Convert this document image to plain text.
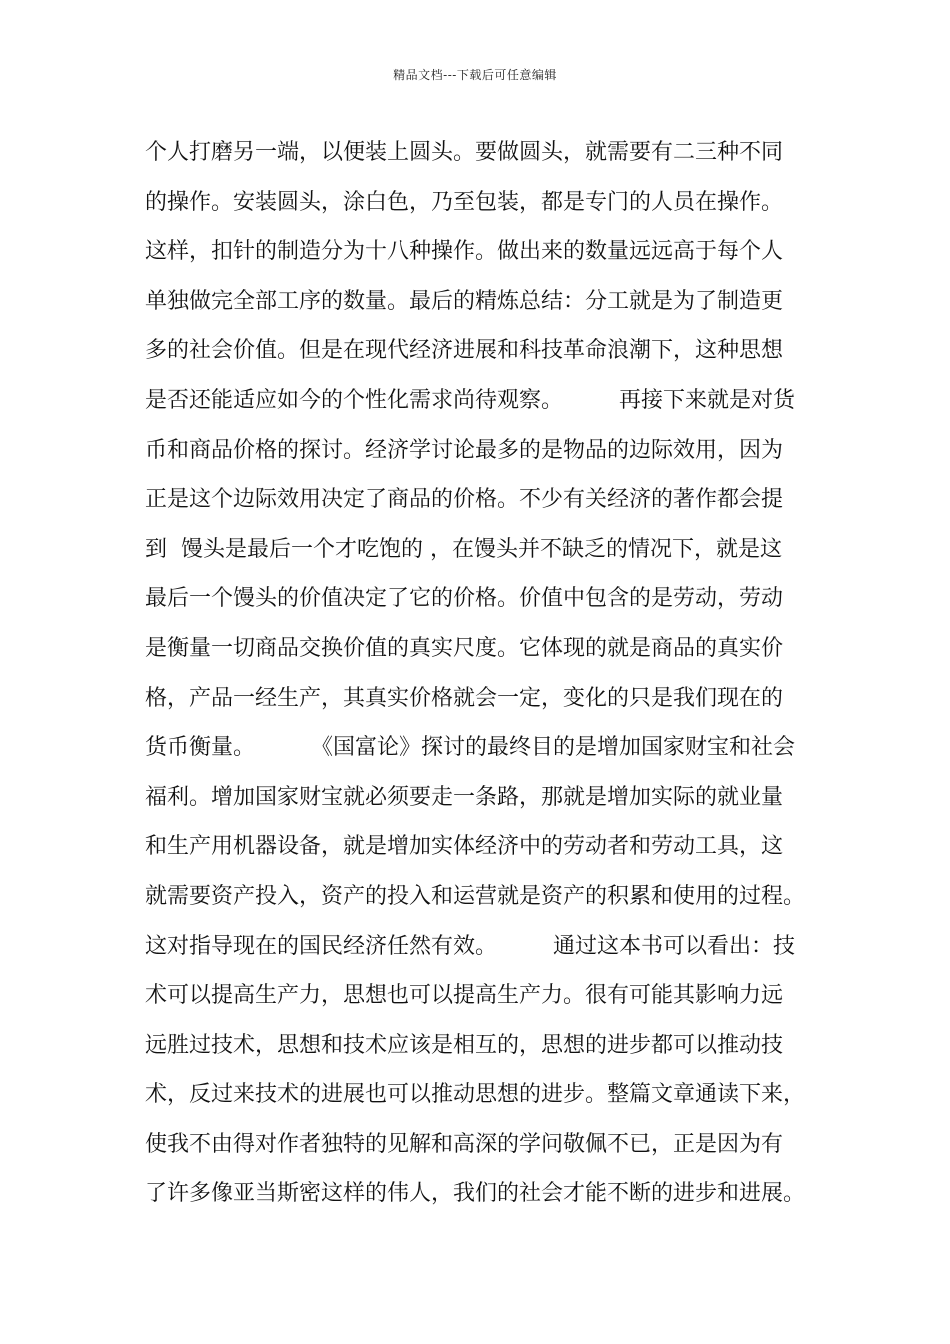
精品文档---下载后可任意编辑
个人打磨另一端，以便装上圆头。要做圆头，就需要有二三种不同
的操作。安装圆头，涂白色，乃至包装，都是专门的人员在操作。
这样，扣针的制造分为十八种操作。做出来的数量远远高于每个人
单独做完全部工序的数量。最后的精炼总结：分工就是为了制造更
多的社会价值。但是在现代经济进展和科技革命浪潮下，这种思想
是否还能适应如今的个性化需求尚待观察。        再接下来就是对货
币和商品价格的探讨。经济学讨论最多的是物品的边际效用，因为
正是这个边际效用决定了商品的价格。不少有关经济的著作都会提
到  馒头是最后一个才吃饱的 ，在馒头并不缺乏的情况下，就是这
最后一个馒头的价值决定了它的价格。价值中包含的是劳动，劳动
是衡量一切商品交换价值的真实尺度。它体现的就是商品的真实价
格，产品一经生产，其真实价格就会一定，变化的只是我们现在的
货币衡量。        《国富论》探讨的最终目的是增加国家财宝和社会
福利。增加国家财宝就必须要走一条路，那就是增加实际的就业量
和生产用机器设备，就是增加实体经济中的劳动者和劳动工具，这
就需要资产投入，资产的投入和运营就是资产的积累和使用的过程。
这对指导现在的国民经济任然有效。        通过这本书可以看出：技
术可以提高生产力，思想也可以提高生产力。很有可能其影响力远
远胜过技术，思想和技术应该是相互的，思想的进步都可以推动技
术，反过来技术的进展也可以推动思想的进步。整篇文章通读下来，
使我不由得对作者独特的见解和高深的学问敬佩不已，正是因为有
了许多像亚当斯密这样的伟人，我们的社会才能不断的进步和进展。
